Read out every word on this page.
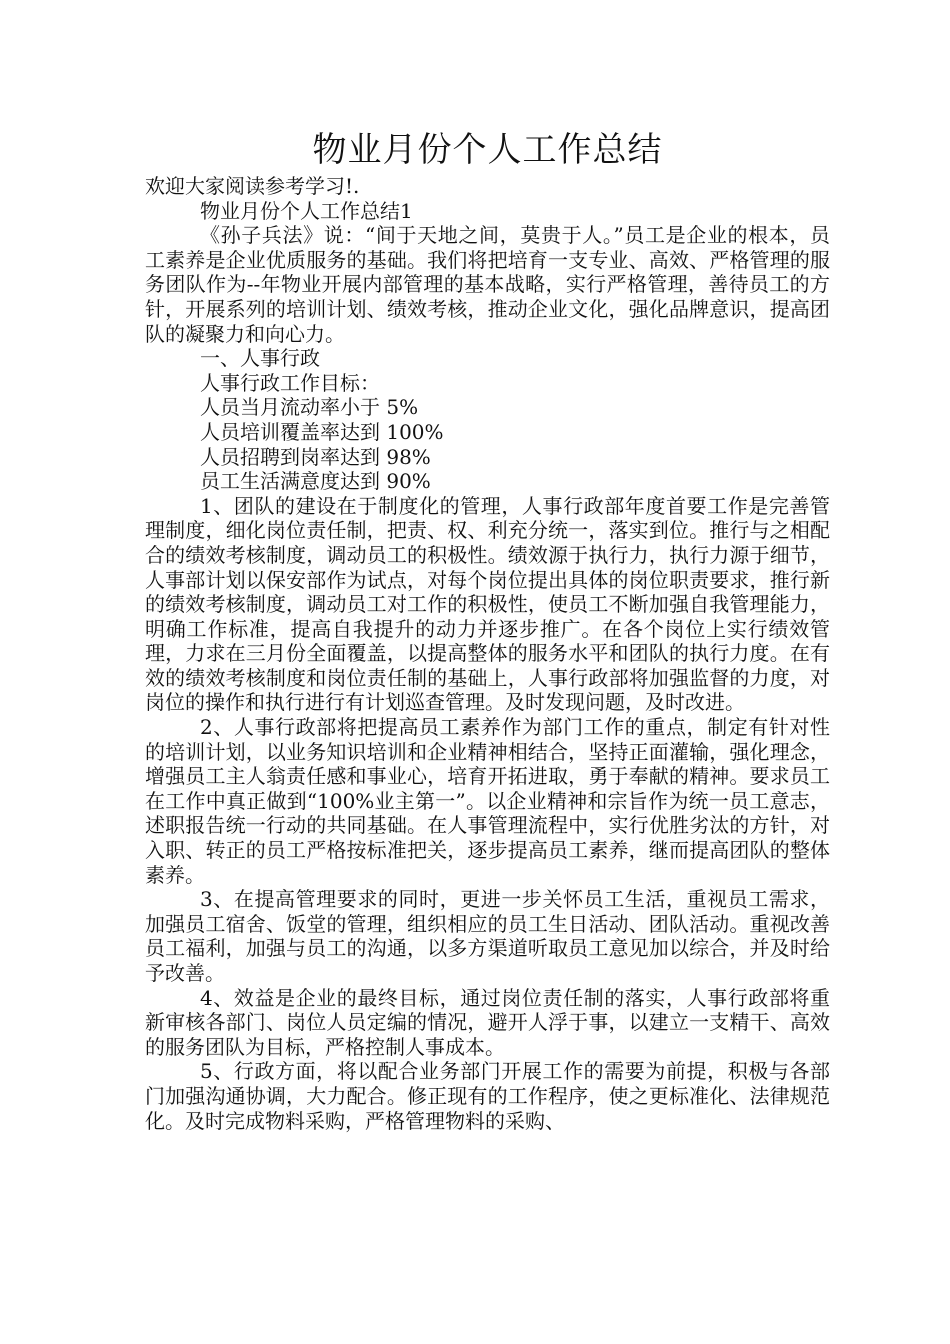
物业月份个人工作总结

欢迎大家阅读参考学习!.

物业月份个人工作总结1

《孙子兵法》说：“间于天地之间，莫贵于人。”员工是企业的根本，员工素养是企业优质服务的基础。我们将把培育一支专业、高效、严格管理的服务团队作为--年物业开展内部管理的基本战略，实行严格管理，善待员工的方针，开展系列的培训计划、绩效考核，推动企业文化，强化品牌意识，提高团队的凝聚力和向心力。

一、人事行政

人事行政工作目标：

人员当月流动率小于 5%

人员培训覆盖率达到 100%

人员招聘到岗率达到 98%

员工生活满意度达到 90%

1、团队的建设在于制度化的管理，人事行政部年度首要工作是完善管理制度，细化岗位责任制，把责、权、利充分统一，落实到位。推行与之相配合的绩效考核制度，调动员工的积极性。绩效源于执行力，执行力源于细节，人事部计划以保安部作为试点，对每个岗位提出具体的岗位职责要求，推行新的绩效考核制度，调动员工对工作的积极性，使员工不断加强自我管理能力，明确工作标准，提高自我提升的动力并逐步推广。在各个岗位上实行绩效管理，力求在三月份全面覆盖，以提高整体的服务水平和团队的执行力度。在有效的绩效考核制度和岗位责任制的基础上，人事行政部将加强监督的力度，对岗位的操作和执行进行有计划巡查管理。及时发现问题，及时改进。

2、人事行政部将把提高员工素养作为部门工作的重点，制定有针对性的培训计划，以业务知识培训和企业精神相结合，坚持正面灌输，强化理念，增强员工主人翁责任感和事业心，培育开拓进取，勇于奉献的精神。要求员工在工作中真正做到“100%业主第一”。以企业精神和宗旨作为统一员工意志，述职报告统一行动的共同基础。在人事管理流程中，实行优胜劣汰的方针，对入职、转正的员工严格按标准把关，逐步提高员工素养，继而提高团队的整体素养。

3、在提高管理要求的同时，更进一步关怀员工生活，重视员工需求，加强员工宿舍、饭堂的管理，组织相应的员工生日活动、团队活动。重视改善员工福利，加强与员工的沟通，以多方渠道听取员工意见加以综合，并及时给予改善。

4、效益是企业的最终目标，通过岗位责任制的落实，人事行政部将重新审核各部门、岗位人员定编的情况，避开人浮于事，以建立一支精干、高效的服务团队为目标，严格控制人事成本。

5、行政方面，将以配合业务部门开展工作的需要为前提，积极与各部门加强沟通协调，大力配合。修正现有的工作程序，使之更标准化、法律规范化。及时完成物料采购，严格管理物料的采购、
